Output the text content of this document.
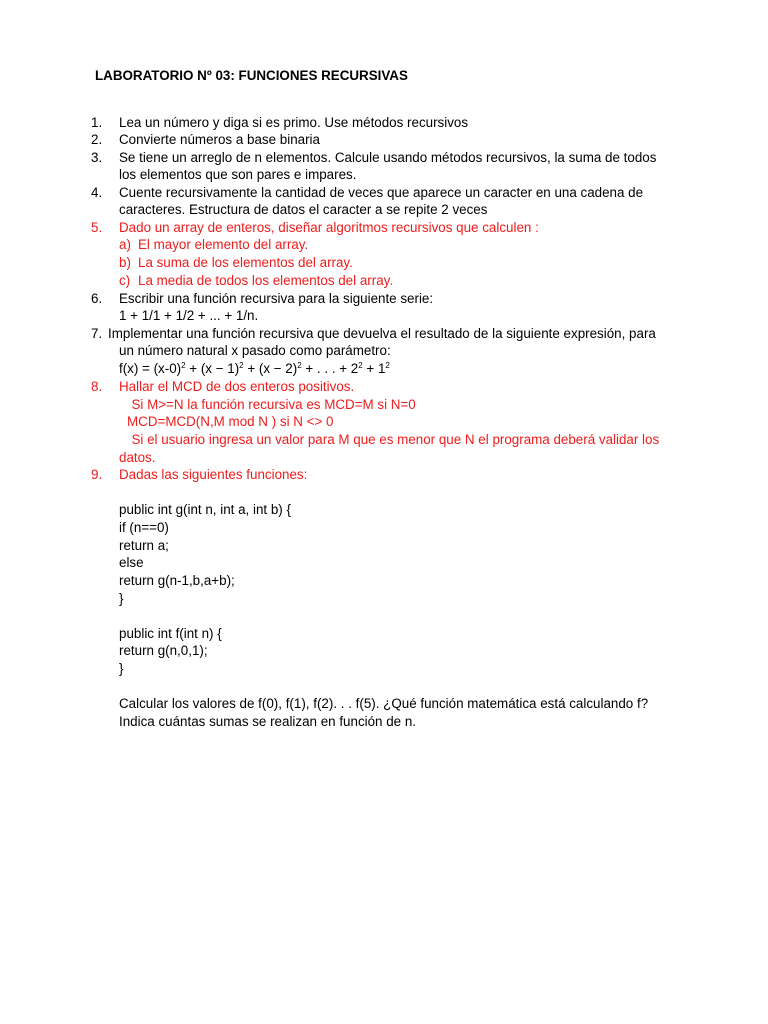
LABORATORIO Nº 03: FUNCIONES RECURSIVAS
1. Lea un número y diga si es primo. Use métodos recursivos
2. Convierte números a base binaria
3. Se tiene un arreglo de n elementos. Calcule usando métodos recursivos, la suma de todos
los elementos que son pares e impares.
4. Cuente recursivamente la cantidad de veces que aparece un caracter en una cadena de
caracteres. Estructura de datos el caracter a se repite 2 veces
5. Dado un array de enteros, diseñar algoritmos recursivos que calculen :
a) El mayor elemento del array.
b) La suma de los elementos del array.
c) La media de todos los elementos del array.
6. Escribir una función recursiva para la siguiente serie:
1 + 1/1 + 1/2 + ... + 1/n.
7. Implementar una función recursiva que devuelva el resultado de la siguiente expresión, para
un número natural x pasado como parámetro:
$f(x) = (x-0)^2 + (x - 1)^2 + (x - 2)^2$ + . . . + $2^2 + 1^2$
8. Hallar el MCD de dos enteros positivos.
Si M>=N la función recursiva es MCD=M si N=0
MCD=MCD(N,M mod N ) si N <> 0
Si el usuario ingresa un valor para M que es menor que N el programa deberá validar los
datos.
9. Dadas las siguientes funciones:
public int g(int n, int a, int b) {
if (n==0)
return a;
else
return g(n-1,b,a+b);
}
public int f(int n) {
return g(n,0,1);
}
Calcular los valores de f(0), f(1), f(2). . . f(5). ¿Qué función matemática está calculando f?
Indica cuántas sumas se realizan en función de n.
